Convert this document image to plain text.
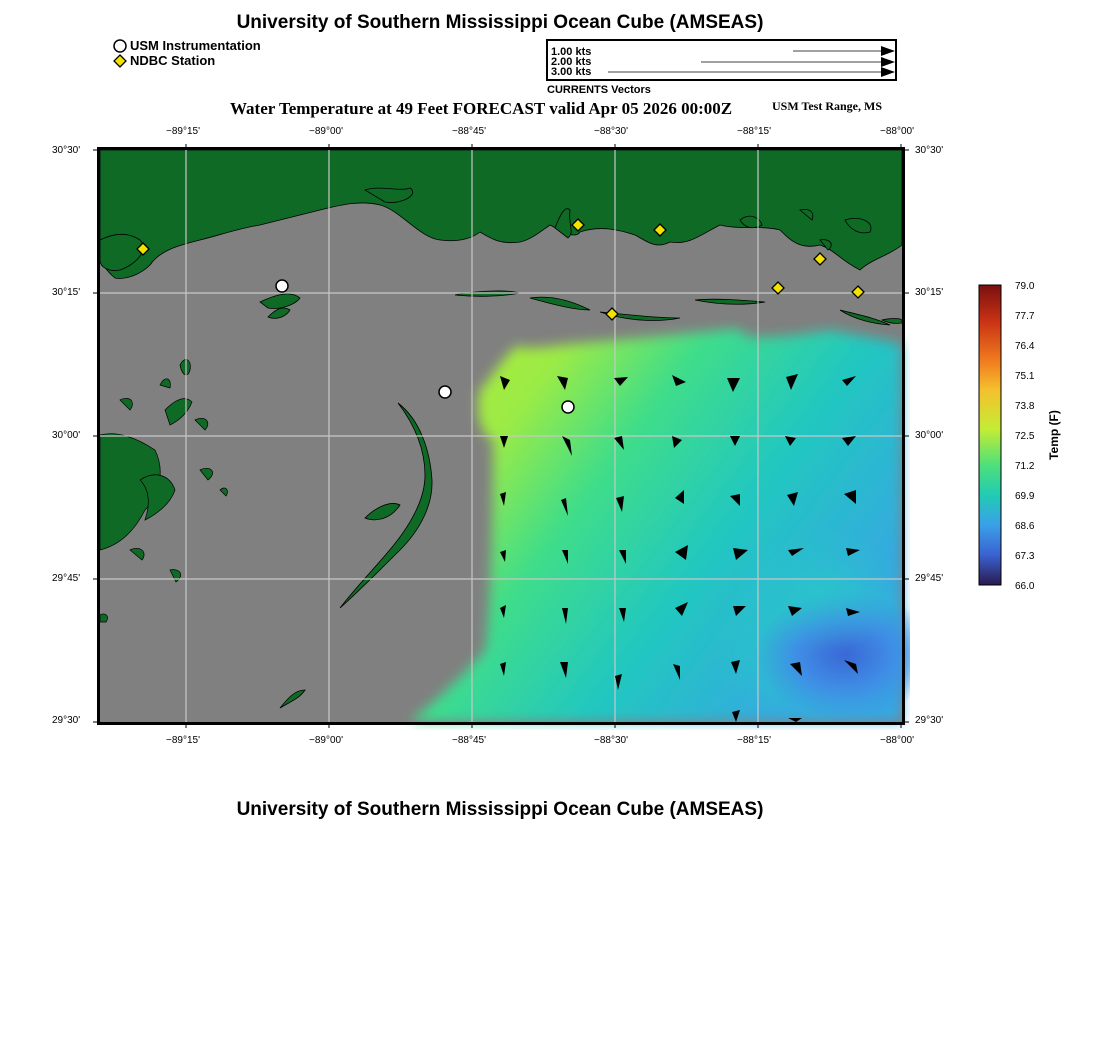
University of Southern Mississippi Ocean Cube (AMSEAS)
USM Instrumentation
NDBC Station
1.00 kts
2.00 kts
3.00 kts
CURRENTS Vectors
Water Temperature at 49 Feet FORECAST valid Apr 05 2026 00:00Z	USM Test Range, MS
−89°15'	−89°00'	−88°45'	−88°30'	−88°15'	−88°00'
−89°15'	−89°00'	−88°45'	−88°30'	−88°15'	−88°00'
30°30'
30°15'
30°00'
29°45'
29°30'
30°30'
30°15'
30°00'
29°45'
29°30'
79.0
77.7
76.4
75.1
73.8
72.5
71.2
69.9
68.6
67.3
66.0
Temp (F)
University of Southern Mississippi Ocean Cube (AMSEAS)
